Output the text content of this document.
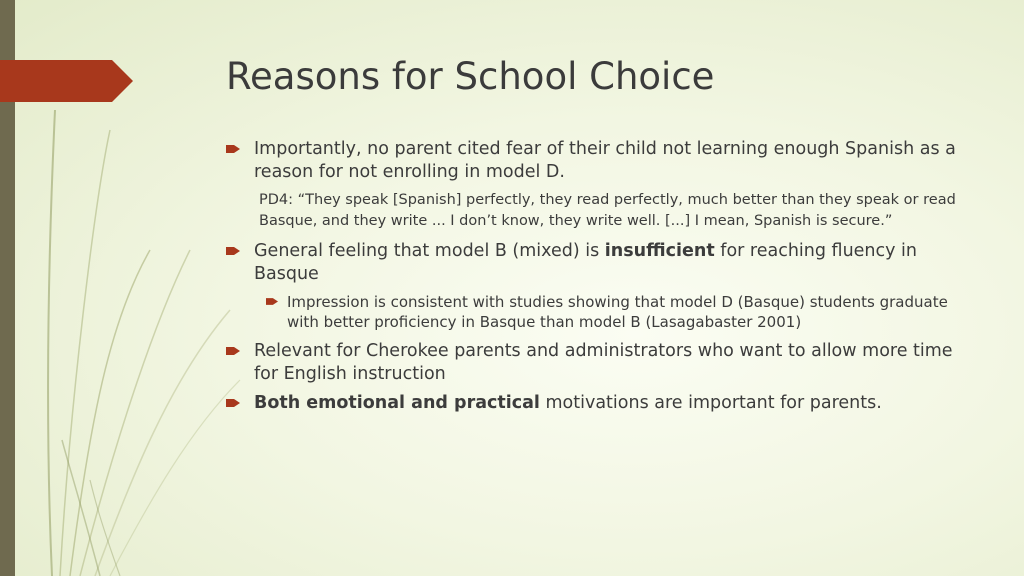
Reasons for School Choice
Importantly, no parent cited fear of their child not learning enough Spanish as a reason for not enrolling in model D.
PD4: “They speak [Spanish] perfectly, they read perfectly, much better than they speak or read Basque, and they write ... I don’t know, they write well. [...] I mean, Spanish is secure.”
General feeling that model B (mixed) is insufficient for reaching fluency in Basque
Impression is consistent with studies showing that model D (Basque) students graduate with better proficiency in Basque than model B (Lasagabaster 2001)
Relevant for Cherokee parents and administrators who want to allow more time for English instruction
Both emotional and practical motivations are important for parents.
